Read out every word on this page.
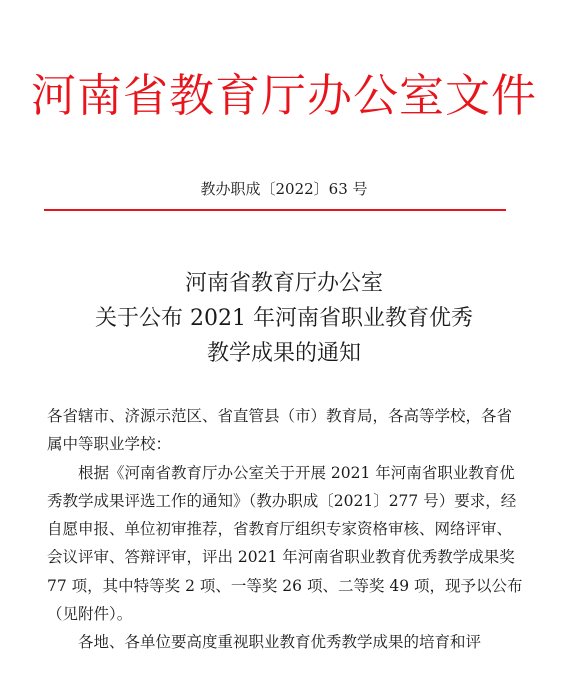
河南省教育厅办公室文件
教办职成〔2022〕63 号
河南省教育厅办公室
关于公布 2021 年河南省职业教育优秀
教学成果的通知

各省辖市、济源示范区、省直管县（市）教育局，各高等学校，各省属中等职业学校：

根据《河南省教育厅办公室关于开展 2021 年河南省职业教育优秀教学成果评选工作的通知》（教办职成〔2021〕277 号）要求，经自愿申报、单位初审推荐，省教育厅组织专家资格审核、网络评审、会议评审、答辩评审，评出 2021 年河南省职业教育优秀教学成果奖 77 项，其中特等奖 2 项、一等奖 26 项、二等奖 49 项，现予以公布（见附件）。

各地、各单位要高度重视职业教育优秀教学成果的培育和评
